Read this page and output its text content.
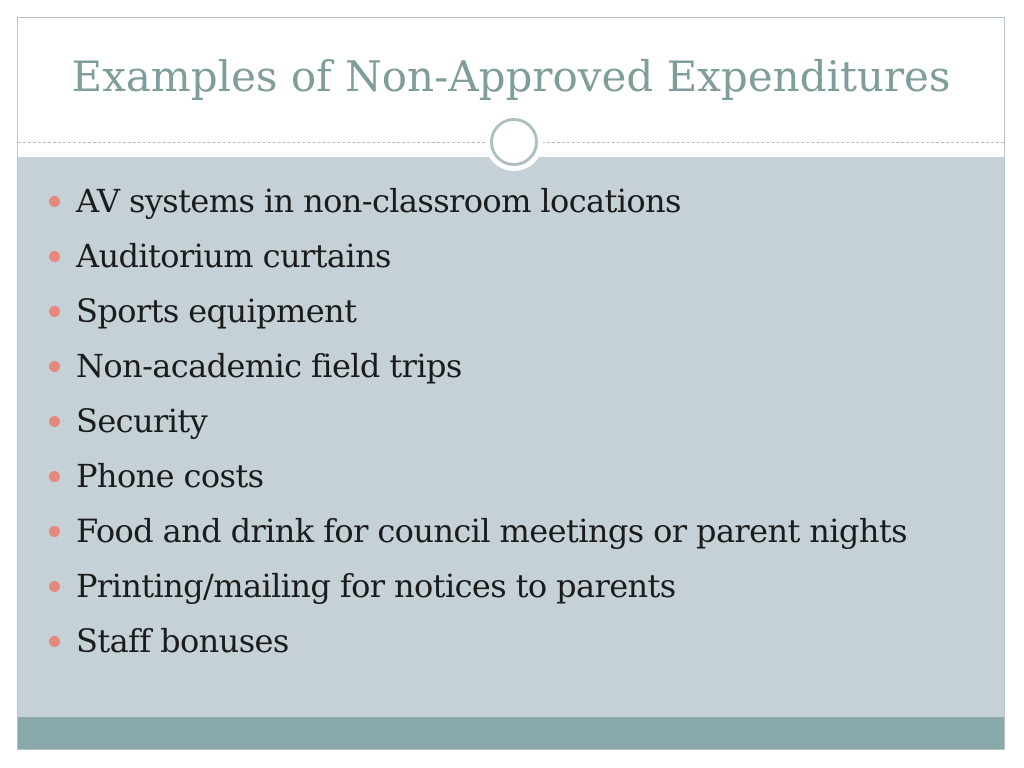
Examples of Non-Approved Expenditures
AV systems in non-classroom locations
Auditorium curtains
Sports equipment
Non-academic field trips
Security
Phone costs
Food and drink for council meetings or parent nights
Printing/mailing for notices to parents
Staff bonuses
